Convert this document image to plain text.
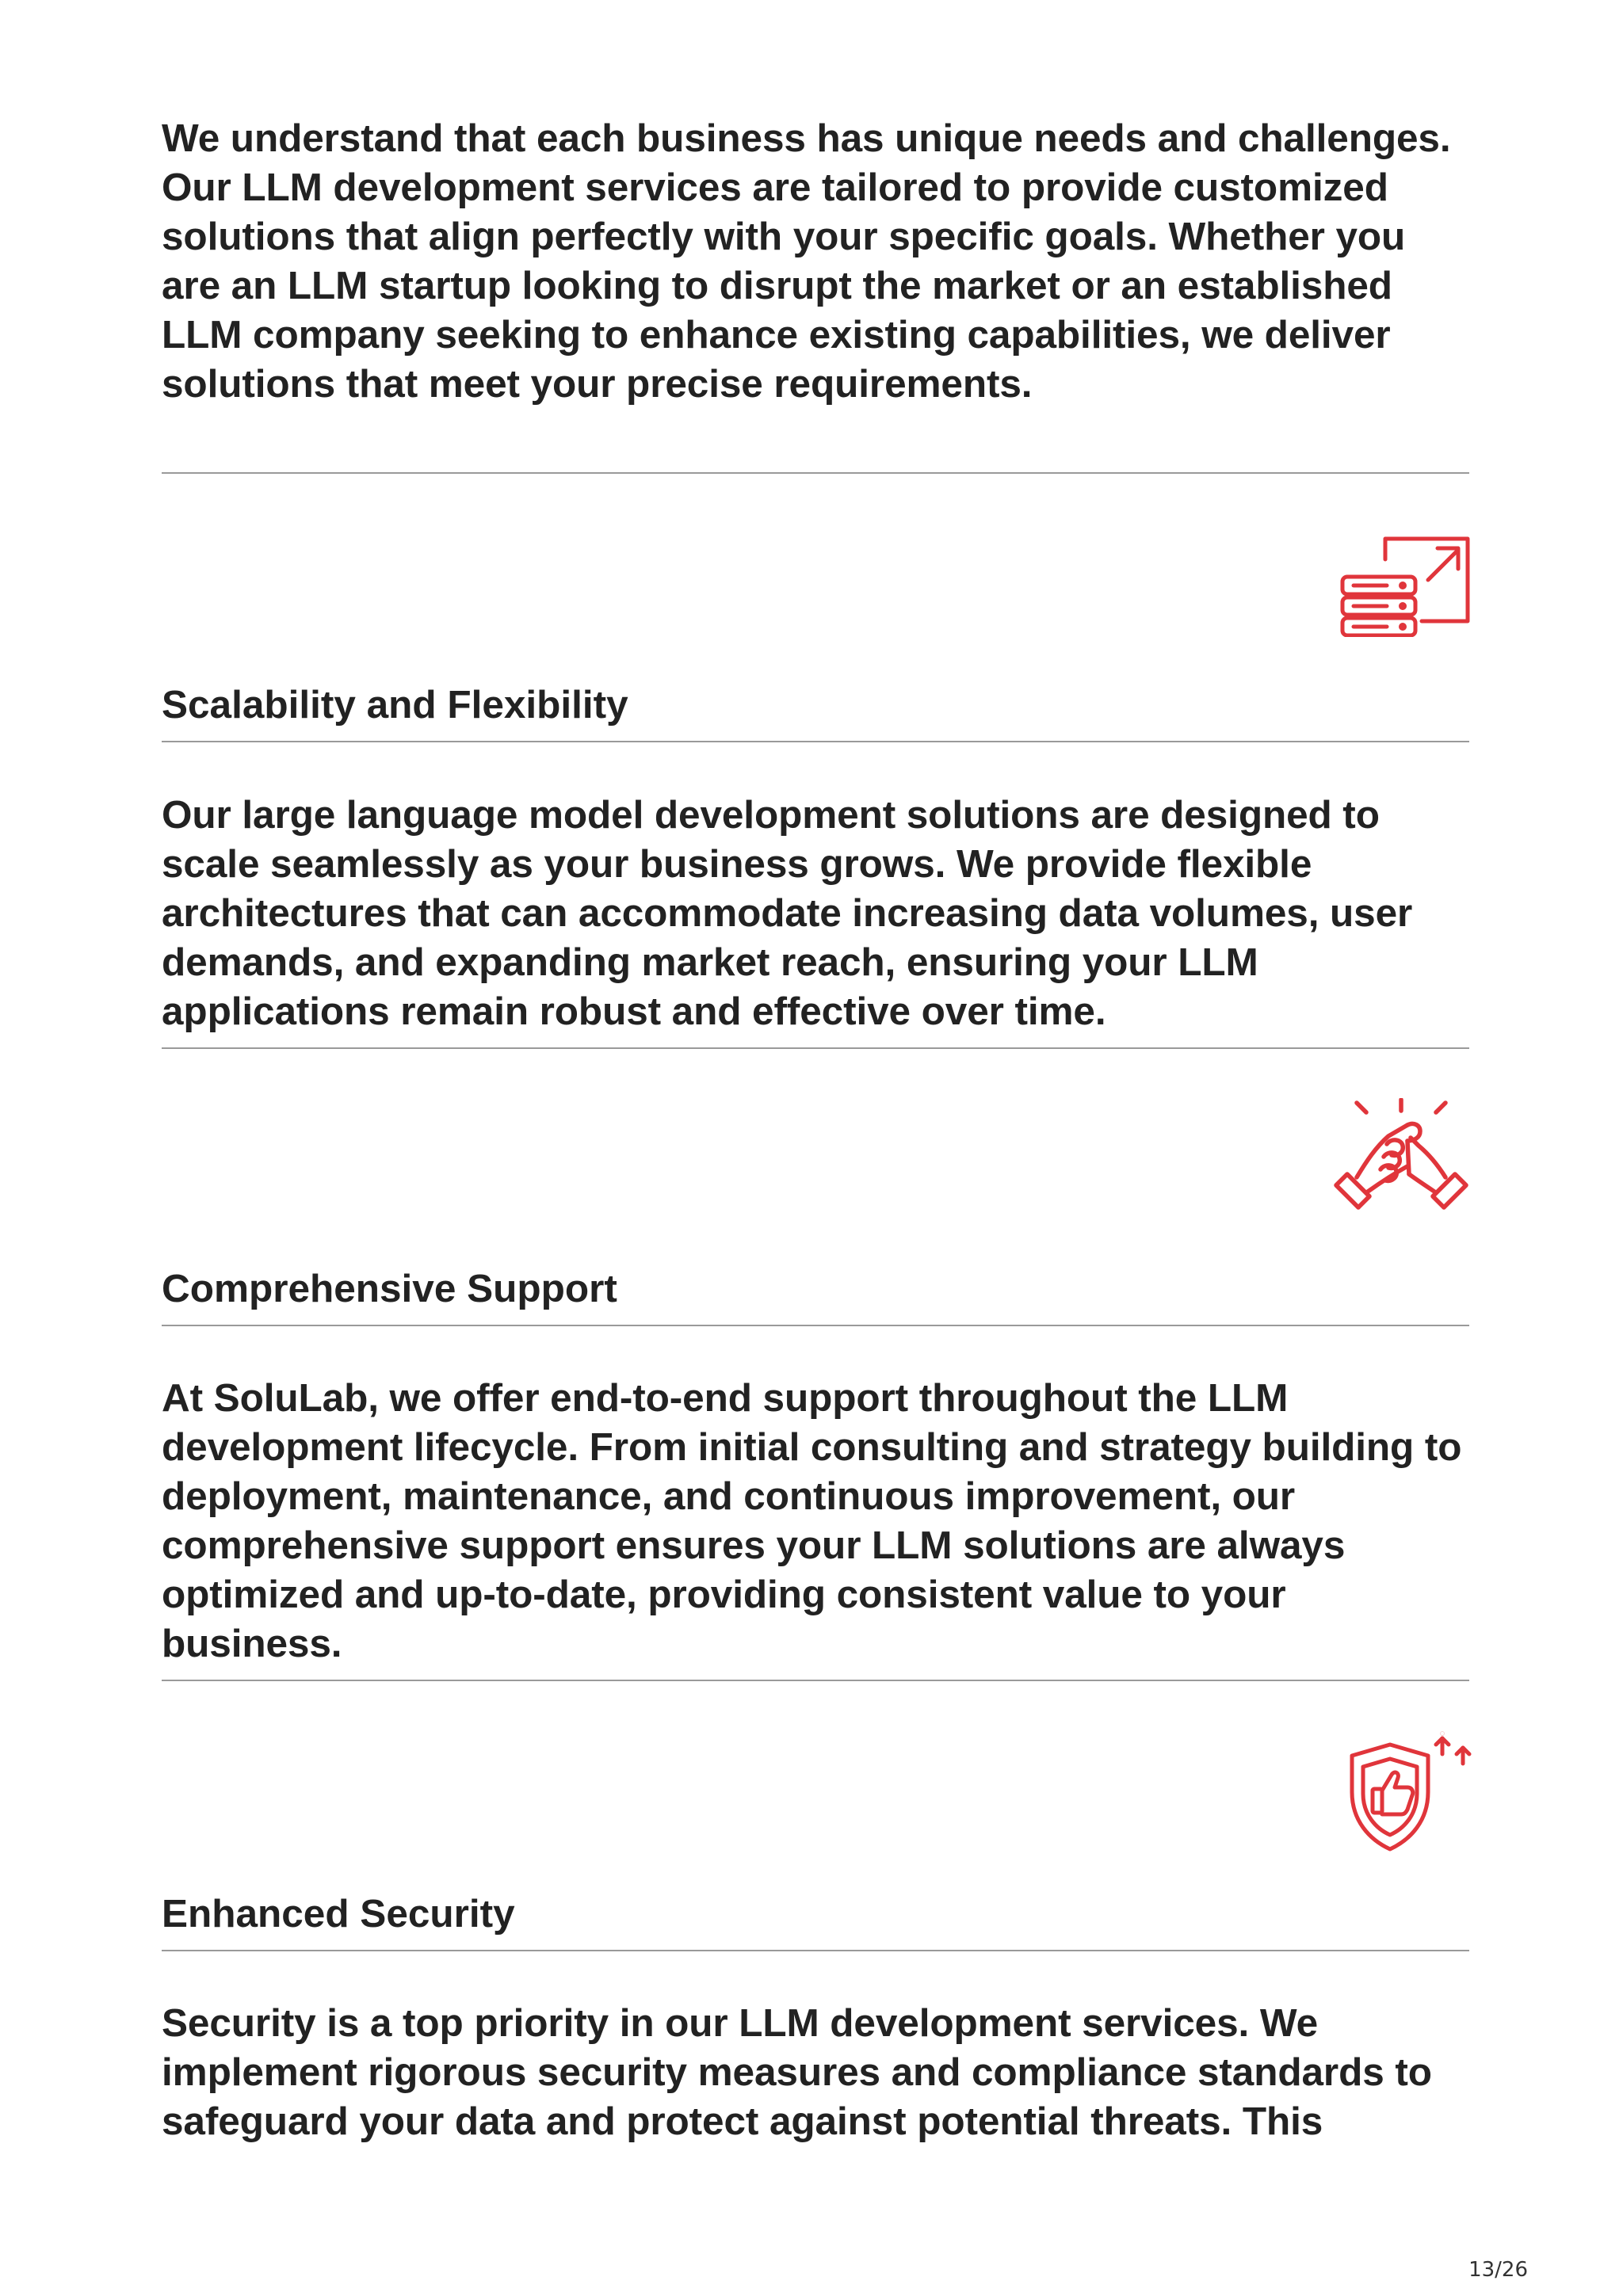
We understand that each business has unique needs and challenges. Our LLM development services are tailored to provide customized solutions that align perfectly with your specific goals. Whether you are an LLM startup looking to disrupt the market or an established LLM company seeking to enhance existing capabilities, we deliver solutions that meet your precise requirements.

Scalability and Flexibility

Our large language model development solutions are designed to scale seamlessly as your business grows. We provide flexible architectures that can accommodate increasing data volumes, user demands, and expanding market reach, ensuring your LLM applications remain robust and effective over time.

Comprehensive Support

At SoluLab, we offer end-to-end support throughout the LLM development lifecycle. From initial consulting and strategy building to deployment, maintenance, and continuous improvement, our comprehensive support ensures your LLM solutions are always optimized and up-to-date, providing consistent value to your business.

Enhanced Security

Security is a top priority in our LLM development services. We implement rigorous security measures and compliance standards to safeguard your data and protect against potential threats. This

13/26
